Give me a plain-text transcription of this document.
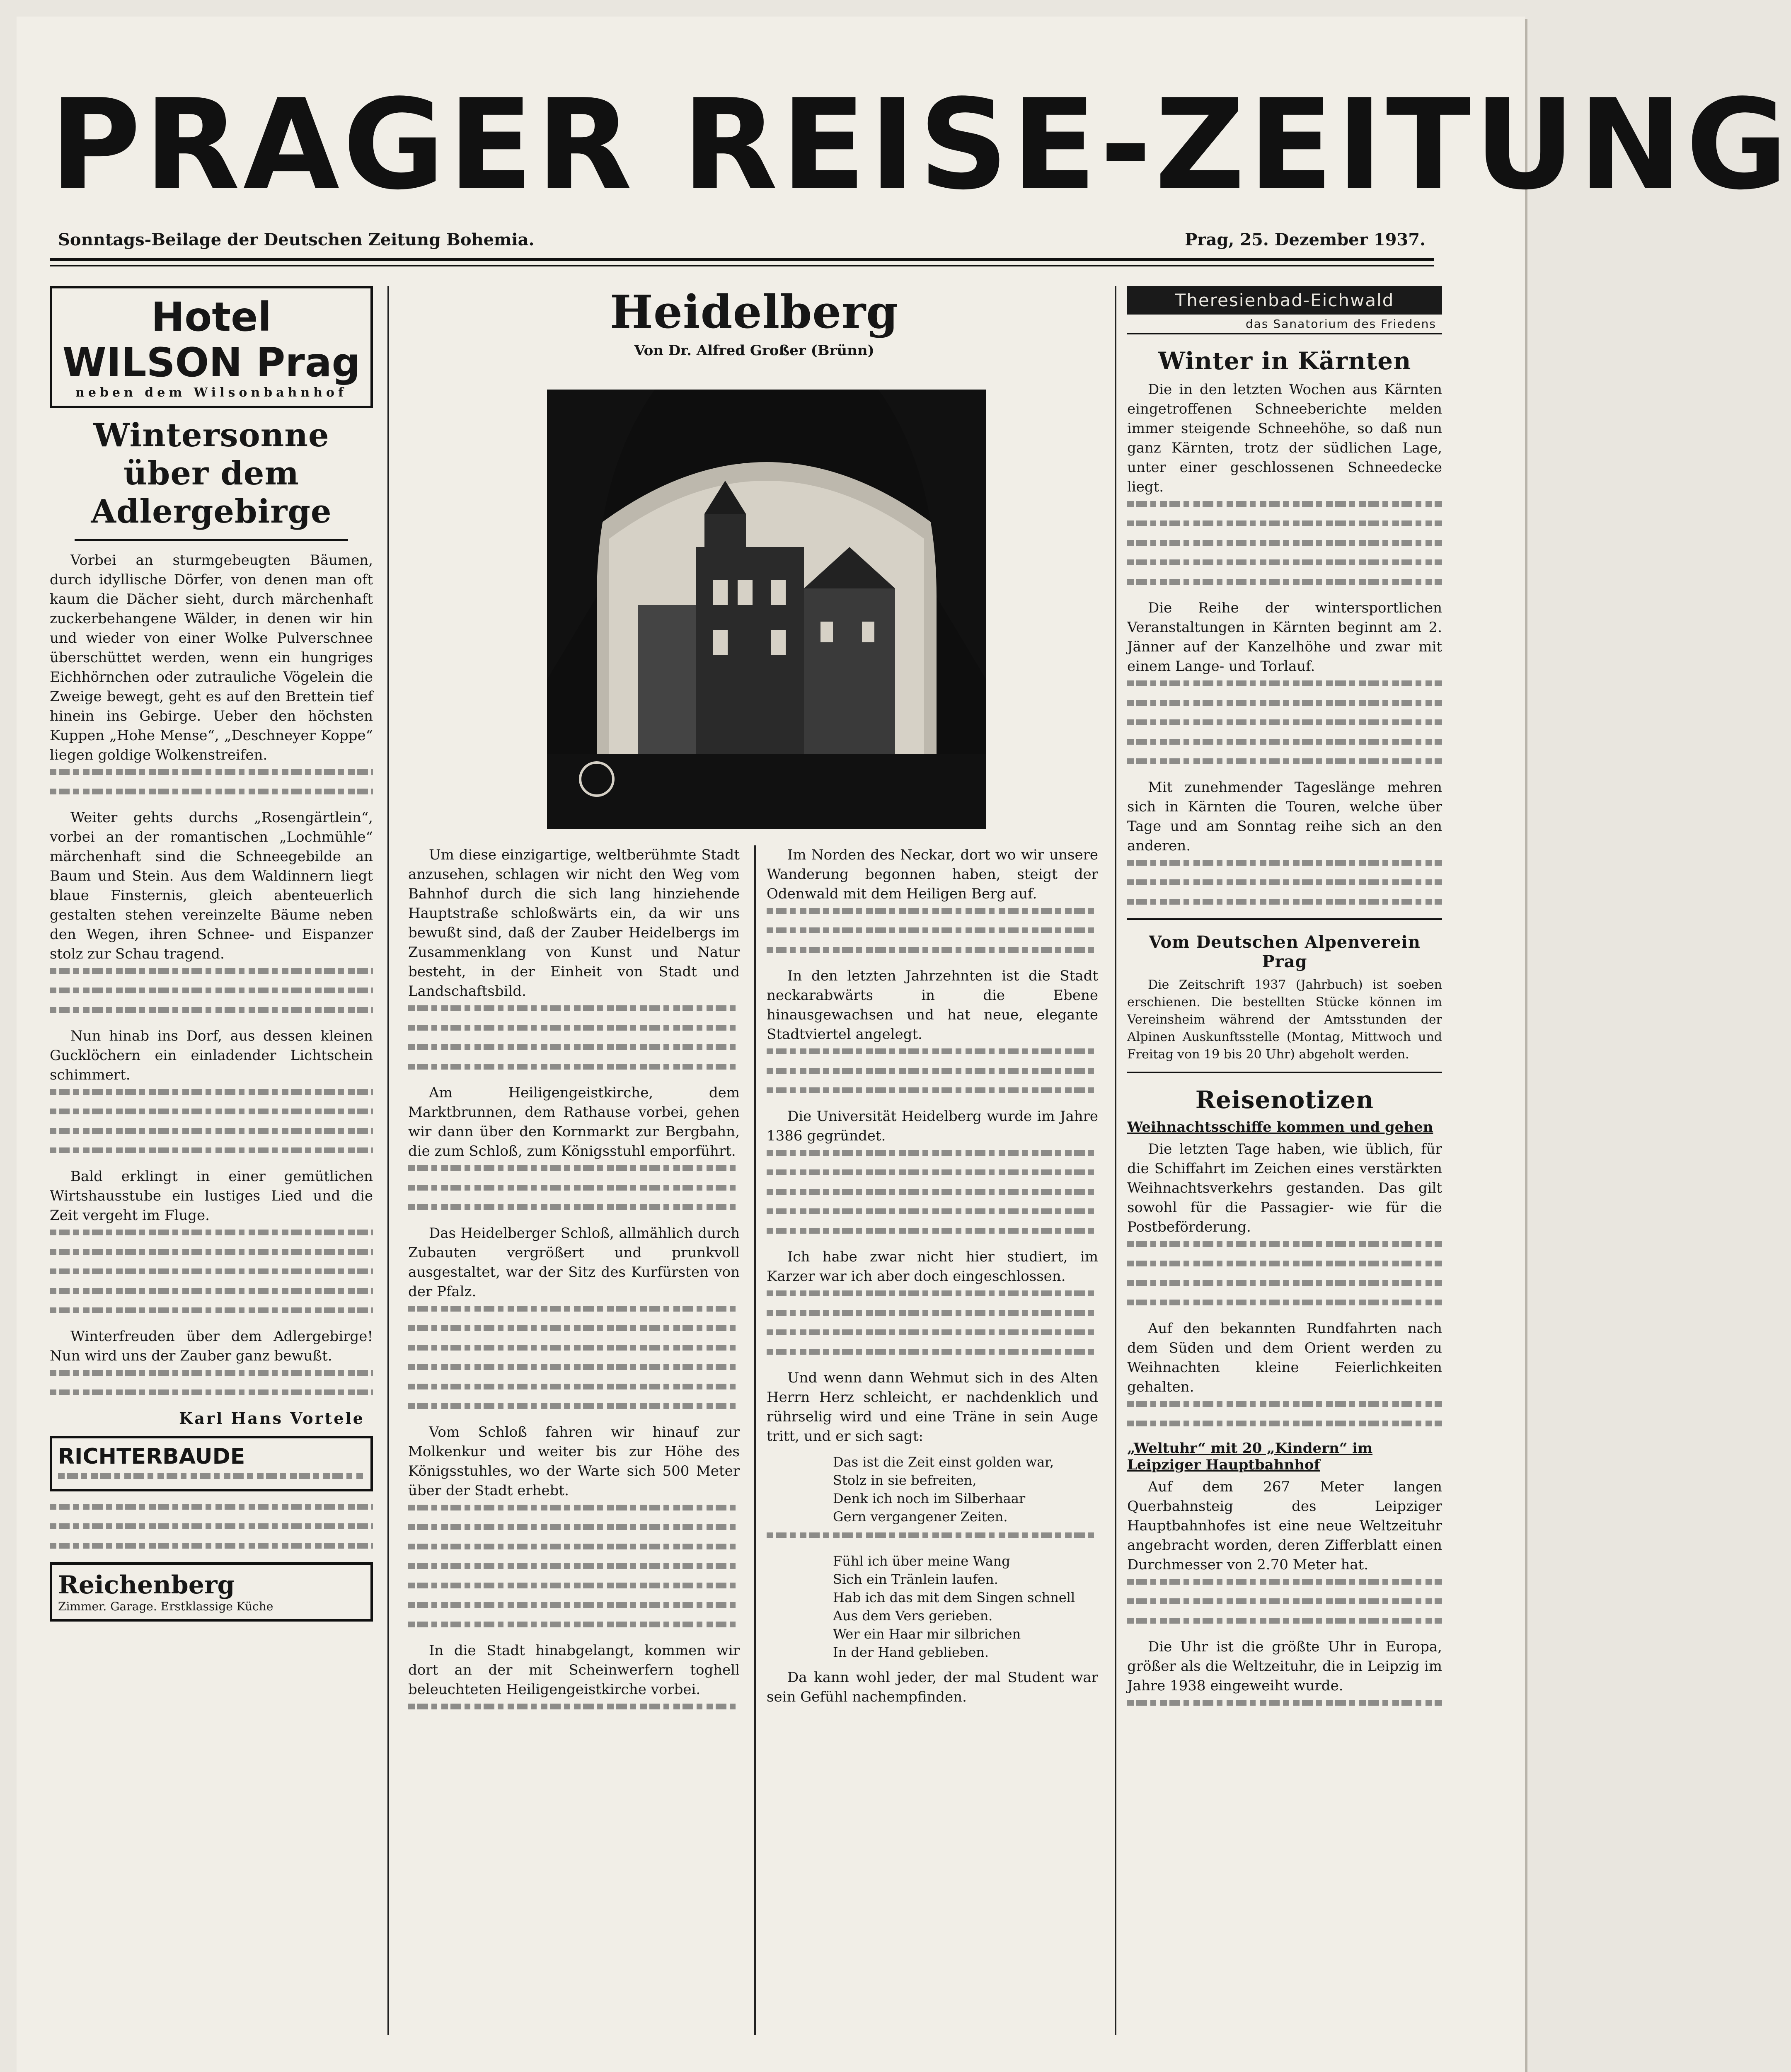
PRAGER REISE-ZEITUNG
Sonntags-Beilage der Deutschen Zeitung Bohemia.	Prag, 25. Dezember 1937.
Hotel WILSON Prag
neben dem Wilsonbahnhof
Wintersonne über dem Adlergebirge

Vorbei an sturmgebeugten Bäumen, durch idyllische Dörfer, von denen man oft kaum die Dächer sieht, durch märchenhaft zuckerbehangene Wälder, in denen wir hin und wieder von einer Wolke Pulverschnee überschüttet werden, wenn ein hungriges Eichhörnchen oder zutrauliche Vögelein die Zweige bewegt, geht es auf den Brettein tief hinein ins Gebirge. Ueber den höchsten Kuppen „Hohe Mense“, „Deschneyer Koppe“ liegen goldige Wolkenstreifen.

Weiter gehts durchs „Rosengärtlein“, vorbei an der romantischen „Lochmühle“ märchenhaft sind die Schneegebilde an Baum und Stein. Aus dem Waldinnern liegt blaue Finsternis, gleich abenteuerlich gestalten stehen vereinzelte Bäume neben den Wegen, ihren Schnee- und Eispanzer stolz zur Schau tragend.

Nun hinab ins Dorf, aus dessen kleinen Gucklöchern ein einladender Lichtschein schimmert.

Bald erklingt in einer gemütlichen Wirtshausstube ein lustiges Lied und die Zeit vergeht im Fluge.

Winterfreuden über dem Adlergebirge! Nun wird uns der Zauber ganz bewußt.

Karl Hans Vortele
RICHTERBAUDE
Reichenberg
Zimmer. Garage. Erstklassige Küche
Heidelberg
Von Dr. Alfred Großer (Brünn)

Um diese einzigartige, weltberühmte Stadt anzusehen, schlagen wir nicht den Weg vom Bahnhof durch die sich lang hinziehende Hauptstraße schloßwärts ein, da wir uns bewußt sind, daß der Zauber Heidelbergs im Zusammenklang von Kunst und Natur besteht, in der Einheit von Stadt und Landschaftsbild.

Am Heiligengeistkirche, dem Marktbrunnen, dem Rathause vorbei, gehen wir dann über den Kornmarkt zur Bergbahn, die zum Schloß, zum Königsstuhl emporführt.

Das Heidelberger Schloß, allmählich durch Zubauten vergrößert und prunkvoll ausgestaltet, war der Sitz des Kurfürsten von der Pfalz.

Vom Schloß fahren wir hinauf zur Molkenkur und weiter bis zur Höhe des Königsstuhles, wo der Warte sich 500 Meter über der Stadt erhebt.

In die Stadt hinabgelangt, kommen wir dort an der mit Scheinwerfern toghell beleuchteten Heiligengeistkirche vorbei.

Im Norden des Neckar, dort wo wir unsere Wanderung begonnen haben, steigt der Odenwald mit dem Heiligen Berg auf.

In den letzten Jahrzehnten ist die Stadt neckarabwärts in die Ebene hinausgewachsen und hat neue, elegante Stadtviertel angelegt.

Die Universität Heidelberg wurde im Jahre 1386 gegründet.

Ich habe zwar nicht hier studiert, im Karzer war ich aber doch eingeschlossen.

Und wenn dann Wehmut sich in des Alten Herrn Herz schleicht, er nachdenklich und rührselig wird und eine Träne in sein Auge tritt, und er sich sagt:

Das ist die Zeit einst golden war,
Stolz in sie befreiten,
Denk ich noch im Silberhaar
Gern vergangener Zeiten.
Fühl ich über meine Wang
Sich ein Tränlein laufen.
Hab ich das mit dem Singen schnell
Aus dem Vers gerieben.
Wer ein Haar mir silbrichen
In der Hand geblieben.

Da kann wohl jeder, der mal Student war sein Gefühl nachempfinden.

Theresienbad-Eichwald
das Sanatorium des Friedens
Winter in Kärnten

Die in den letzten Wochen aus Kärnten eingetroffenen Schneeberichte melden immer steigende Schneehöhe, so daß nun ganz Kärnten, trotz der südlichen Lage, unter einer geschlossenen Schneedecke liegt.

Die Reihe der wintersportlichen Veranstaltungen in Kärnten beginnt am 2. Jänner auf der Kanzelhöhe und zwar mit einem Lange- und Torlauf.

Mit zunehmender Tageslänge mehren sich in Kärnten die Touren, welche über Tage und am Sonntag reihe sich an den anderen.

Vom Deutschen Alpenverein Prag

Die Zeitschrift 1937 (Jahrbuch) ist soeben erschienen. Die bestellten Stücke können im Vereinsheim während der Amtsstunden der Alpinen Auskunftsstelle (Montag, Mittwoch und Freitag von 19 bis 20 Uhr) abgeholt werden.

Reisenotizen
Weihnachtsschiffe kommen und gehen

Die letzten Tage haben, wie üblich, für die Schiffahrt im Zeichen eines verstärkten Weihnachtsverkehrs gestanden. Das gilt sowohl für die Passagier- wie für die Postbeförderung.

Auf den bekannten Rundfahrten nach dem Süden und dem Orient werden zu Weihnachten kleine Feierlichkeiten gehalten.

„Weltuhr“ mit 20 „Kindern“ im Leipziger Hauptbahnhof

Auf dem 267 Meter langen Querbahnsteig des Leipziger Hauptbahnhofes ist eine neue Weltzeituhr angebracht worden, deren Zifferblatt einen Durchmesser von 2.70 Meter hat.

Die Uhr ist die größte Uhr in Europa, größer als die Weltzeituhr, die in Leipzig im Jahre 1938 eingeweiht wurde.
